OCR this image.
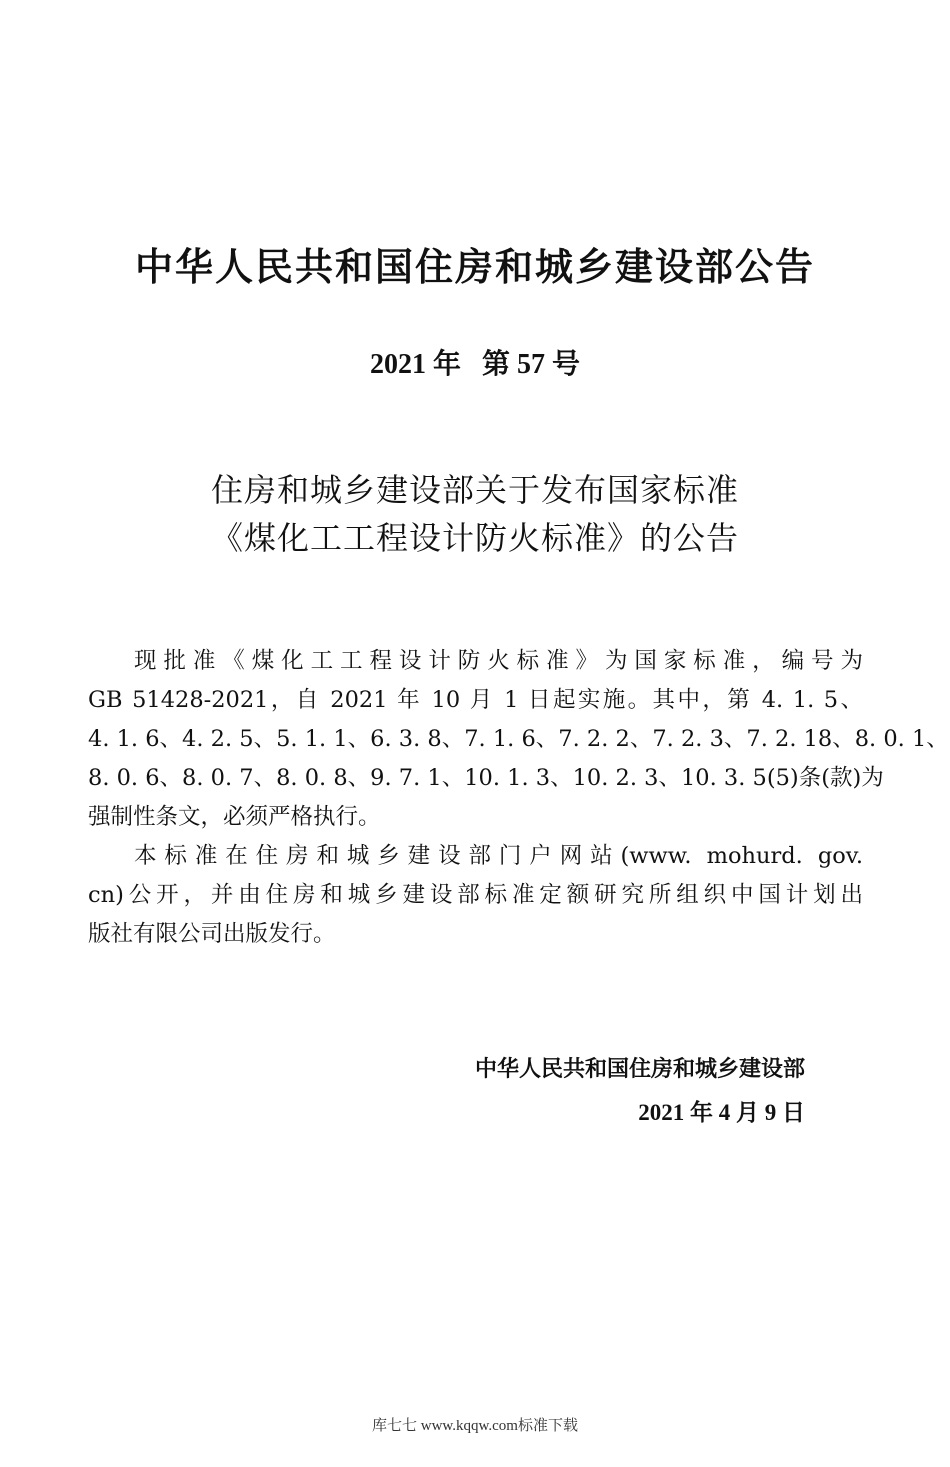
中华人民共和国住房和城乡建设部公告
2021 年   第 57 号
住房和城乡建设部关于发布国家标准
《煤化工工程设计防火标准》的公告
现批准《煤化工工程设计防火标准》为国家标准，编号为
GB 51428-2021，自 2021 年 10 月 1 日起实施。其中，第 4. 1. 5、
4. 1. 6、4. 2. 5、5. 1. 1、6. 3. 8、7. 1. 6、7. 2. 2、7. 2. 3、7. 2. 18、8. 0. 1、
8. 0. 6、8. 0. 7、8. 0. 8、9. 7. 1、10. 1. 3、10. 2. 3、10. 3. 5(5)条(款)为
强制性条文，必须严格执行。
本标准在住房和城乡建设部门户网站(www. mohurd. gov.
cn)公开，并由住房和城乡建设部标准定额研究所组织中国计划出
版社有限公司出版发行。
中华人民共和国住房和城乡建设部
2021 年 4 月 9 日
库七七 www.kqqw.com标准下载
